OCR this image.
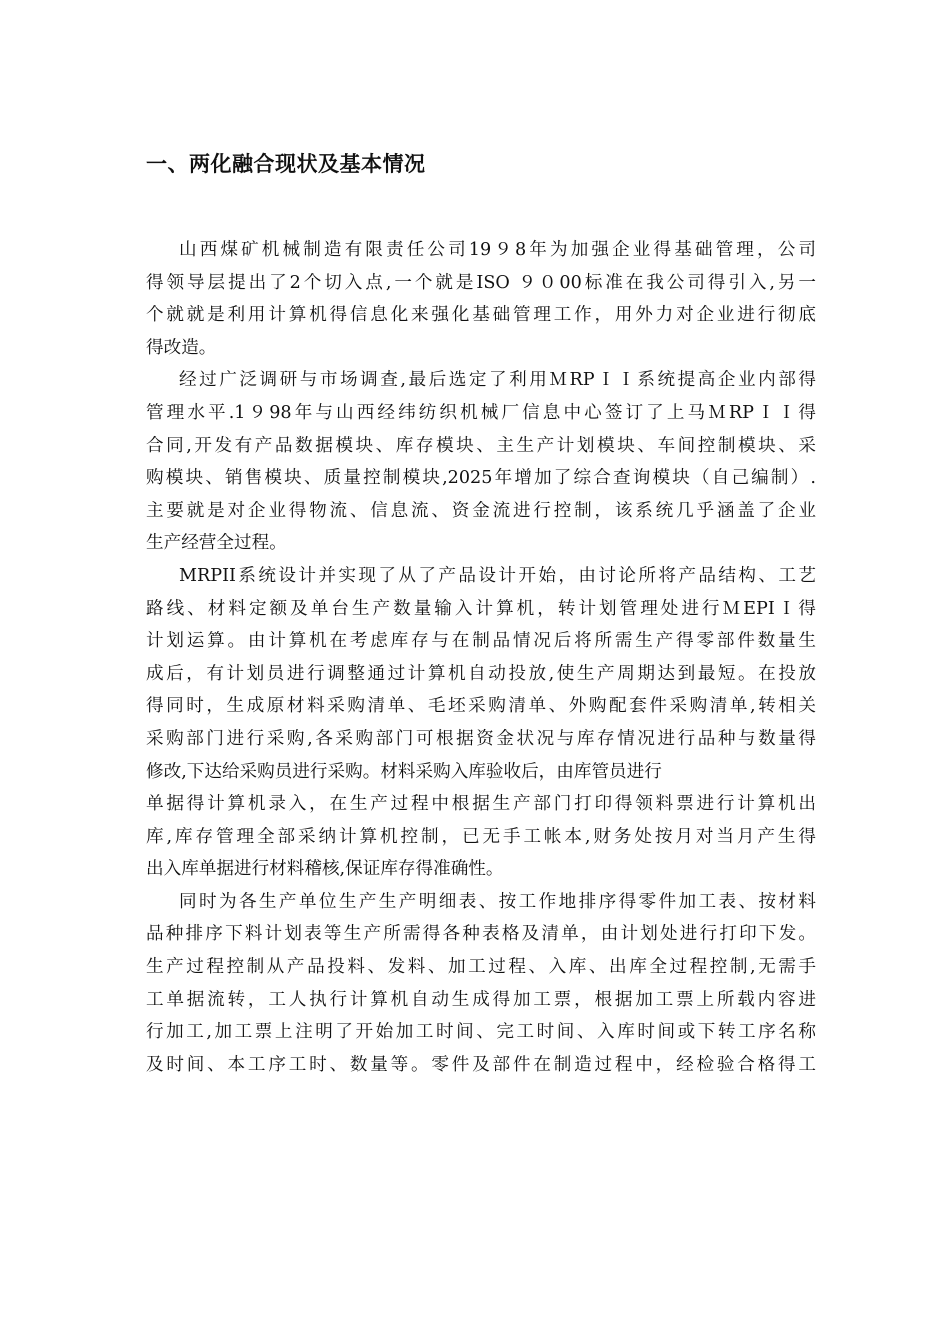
一、两化融合现状及基本情况
山西煤矿机械制造有限责任公司19９8年为加强企业得基础管理，公司
得领导层提出了2个切入点,一个就是ISO ９０00标准在我公司得引入,另一
个就就是利用计算机得信息化来强化基础管理工作，用外力对企业进行彻底
得改造。
经过广泛调研与市场调查,最后选定了利用ＭRPＩＩ系统提高企业内部得
管理水平.1９98年与山西经纬纺织机械厂信息中心签订了上马ＭRPＩＩ得
合同,开发有产品数据模块、库存模块、主生产计划模块、车间控制模块、采
购模块、销售模块、质量控制模块,2025年增加了综合查询模块（自己编制）.
主要就是对企业得物流、信息流、资金流进行控制，该系统几乎涵盖了企业
生产经营全过程。
MRPII系统设计并实现了从了产品设计开始，由讨论所将产品结构、工艺
路线、材料定额及单台生产数量输入计算机，转计划管理处进行ＭEPIＩ得
计划运算。由计算机在考虑库存与在制品情况后将所需生产得零部件数量生
成后，有计划员进行调整通过计算机自动投放,使生产周期达到最短。在投放
得同时，生成原材料采购清单、毛坯采购清单、外购配套件采购清单,转相关
采购部门进行采购,各采购部门可根据资金状况与库存情况进行品种与数量得
修改,下达给采购员进行采购。材料采购入库验收后，由库管员进行
单据得计算机录入，在生产过程中根据生产部门打印得领料票进行计算机出
库,库存管理全部采纳计算机控制，已无手工帐本,财务处按月对当月产生得
出入库单据进行材料稽核,保证库存得准确性。
同时为各生产单位生产生产明细表、按工作地排序得零件加工表、按材料
品种排序下料计划表等生产所需得各种表格及清单，由计划处进行打印下发。
生产过程控制从产品投料、发料、加工过程、入库、出库全过程控制,无需手
工单据流转，工人执行计算机自动生成得加工票，根据加工票上所载内容进
行加工,加工票上注明了开始加工时间、完工时间、入库时间或下转工序名称
及时间、本工序工时、数量等。零件及部件在制造过程中，经检验合格得工
